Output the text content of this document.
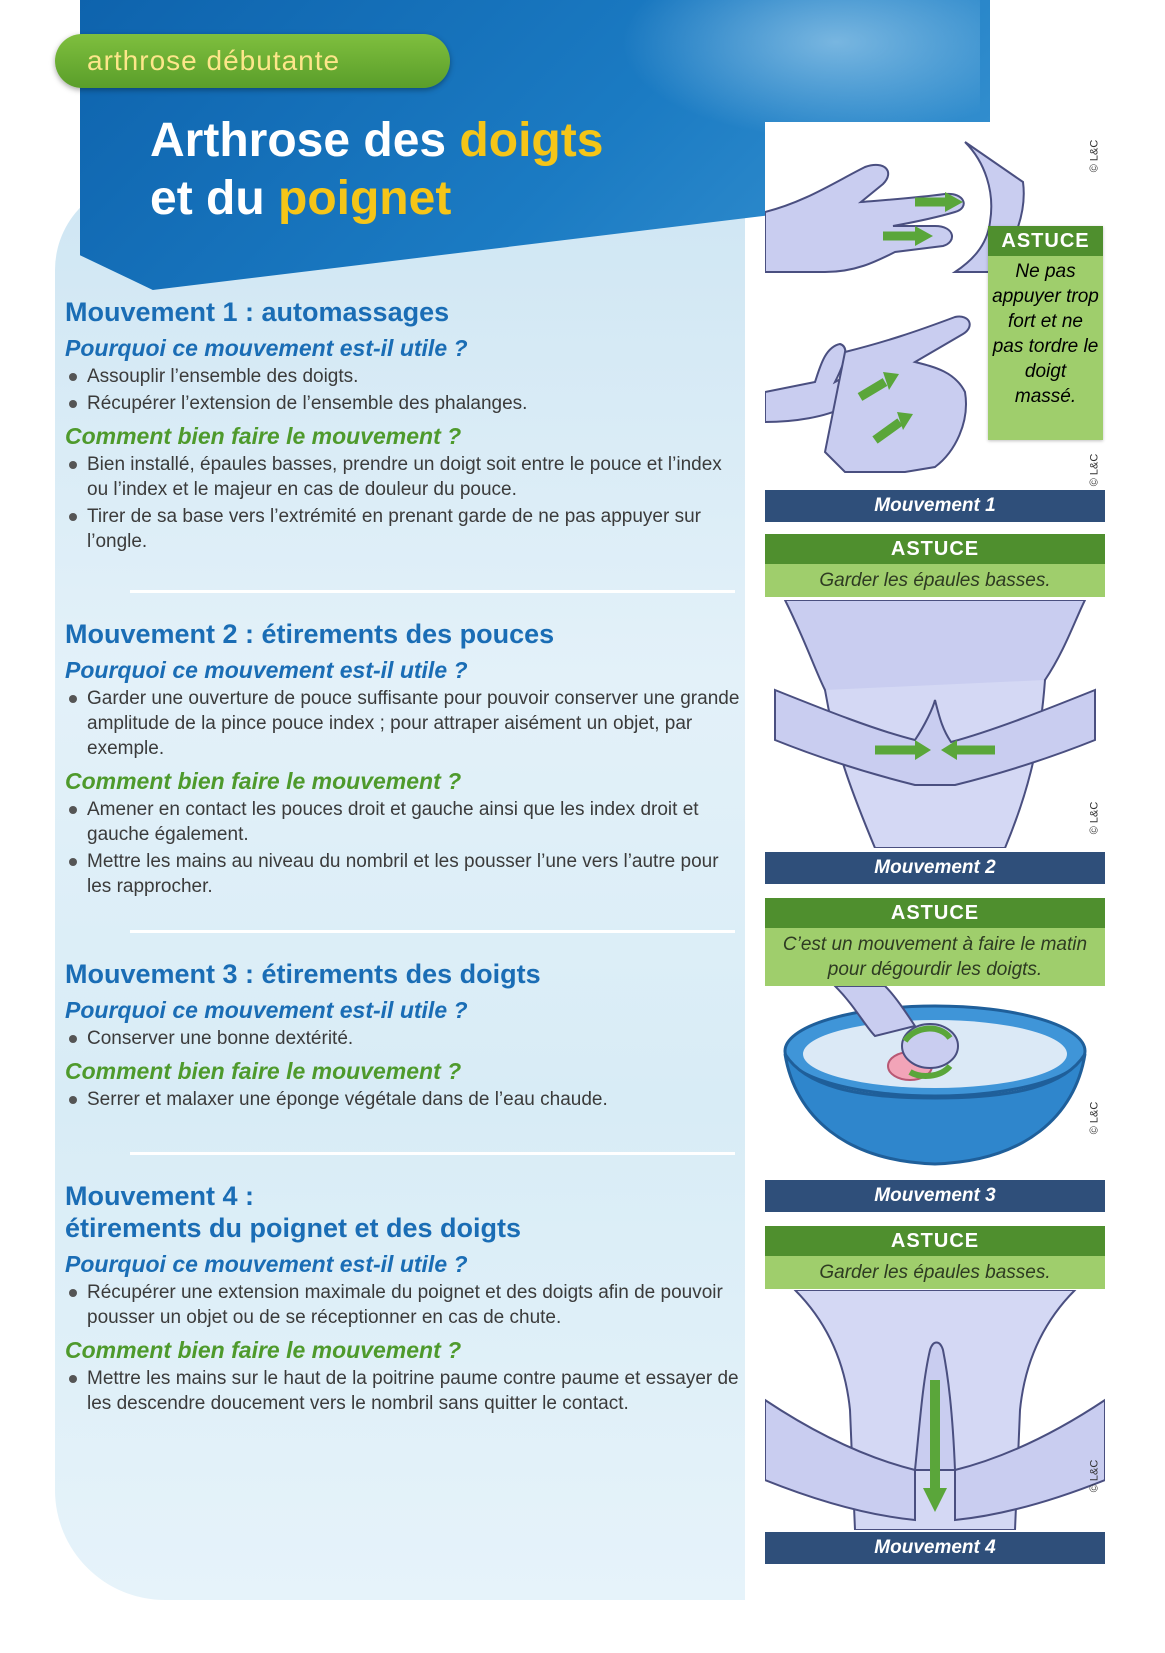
arthrose débutante
Arthrose des doigts
et du poignet
Mouvement 1 : automassages
Pourquoi ce mouvement est-il utile ?
Assouplir l’ensemble des doigts.
Récupérer l’extension de l’ensemble des phalanges.
Comment bien faire le mouvement ?
Bien installé, épaules basses, prendre un doigt soit entre le pouce et l’index ou l’index et le majeur en cas de douleur du pouce.
Tirer de sa base vers l’extrémité en prenant garde de ne pas appuyer sur l’ongle.
Mouvement 2 : étirements des pouces
Pourquoi ce mouvement est-il utile ?
Garder une ouverture de pouce suffisante pour pouvoir conserver une grande amplitude de la pince pouce index ; pour attraper aisément un objet, par exemple.
Comment bien faire le mouvement ?
Amener en contact les pouces droit et gauche ainsi que les index droit et gauche également.
Mettre les mains au niveau du nombril et les pousser l’une vers l’autre pour les rapprocher.
Mouvement 3 : étirements des doigts
Pourquoi ce mouvement est-il utile ?
Conserver une bonne dextérité.
Comment bien faire le mouvement ?
Serrer et malaxer une éponge végétale dans de l’eau chaude.
Mouvement 4 :
étirements du poignet et des doigts
Pourquoi ce mouvement est-il utile ?
Récupérer une extension maximale du poignet et des doigts afin de pouvoir pousser un objet ou de se réceptionner en cas de chute.
Comment bien faire le mouvement ?
Mettre les mains sur le haut de la poitrine paume contre paume et essayer de les descendre doucement vers le nombril sans quitter le contact.
© L&C
© L&C
ASTUCE
Ne pas appuyer trop fort et ne pas tordre le doigt massé.
Mouvement 1
ASTUCE
Garder les épaules basses.
© L&C
Mouvement 2
ASTUCE
C’est un mouvement à faire le matin pour dégourdir les doigts.
© L&C
Mouvement 3
ASTUCE
Garder les épaules basses.
© L&C
Mouvement 4
